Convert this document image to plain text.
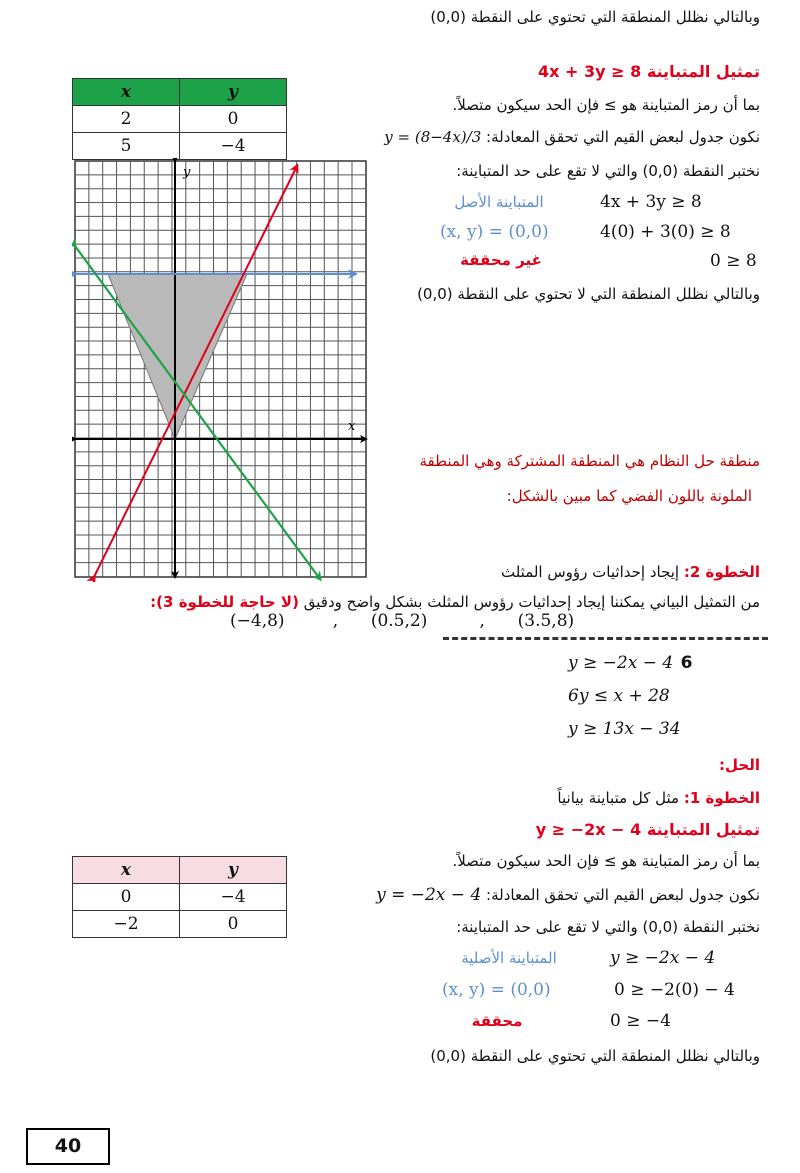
وبالتالي نظلل المنطقة التي تحتوي على النقطة (0,0)
تمثيل المتباينة 4x + 3y ≥ 8
بما أن رمز المتباينة هو ≥ فإن الحد سيكون متصلاً.
نكون جدول لبعض القيم التي تحقق المعادلة: y = (8−4x)/3
نختبر النقطة (0,0) والتي لا تقع على حد المتباينة:
المتباينة الأصل	4x + 3y ≥ 8
(x, y) = (0,0)	4(0) + 3(0) ≥ 8
غير محققة	0 ≥ 8
وبالتالي نظلل المنطقة التي لا تحتوي على النقطة (0,0)
x	y
2	0
5	−4
x
y
منطقة حل النظام هي المنطقة المشتركة وهي المنطقة
الملونة باللون الفضي كما مبين بالشكل:
الخطوة 2: إيجاد إحداثيات رؤوس المثلث
من التمثيل البياني يمكننا إيجاد إحداثيات رؤوس المثلث بشكل واضح ودقيق (لا حاجة للخطوة 3):
(−4,8)	, (0.5,2)	, (3.5,8)
y ≥ −2x − 4 6
6y ≤ x + 28
y ≥ 13x − 34
الحل:
الخطوة 1: مثل كل متباينة بيانياً
تمثيل المتباينة y ≥ −2x − 4
بما أن رمز المتباينة هو ≥ فإن الحد سيكون متصلاً.
نكون جدول لبعض القيم التي تحقق المعادلة: y = −2x − 4
نختبر النقطة (0,0) والتي لا تقع على حد المتباينة:
المتباينة الأصلية	y ≥ −2x − 4
(x, y) = (0,0)	0 ≥ −2(0) − 4
محققة	0 ≥ −4
وبالتالي نظلل المنطقة التي تحتوي على النقطة (0,0)
x	y
0	−4
−2	0
40
